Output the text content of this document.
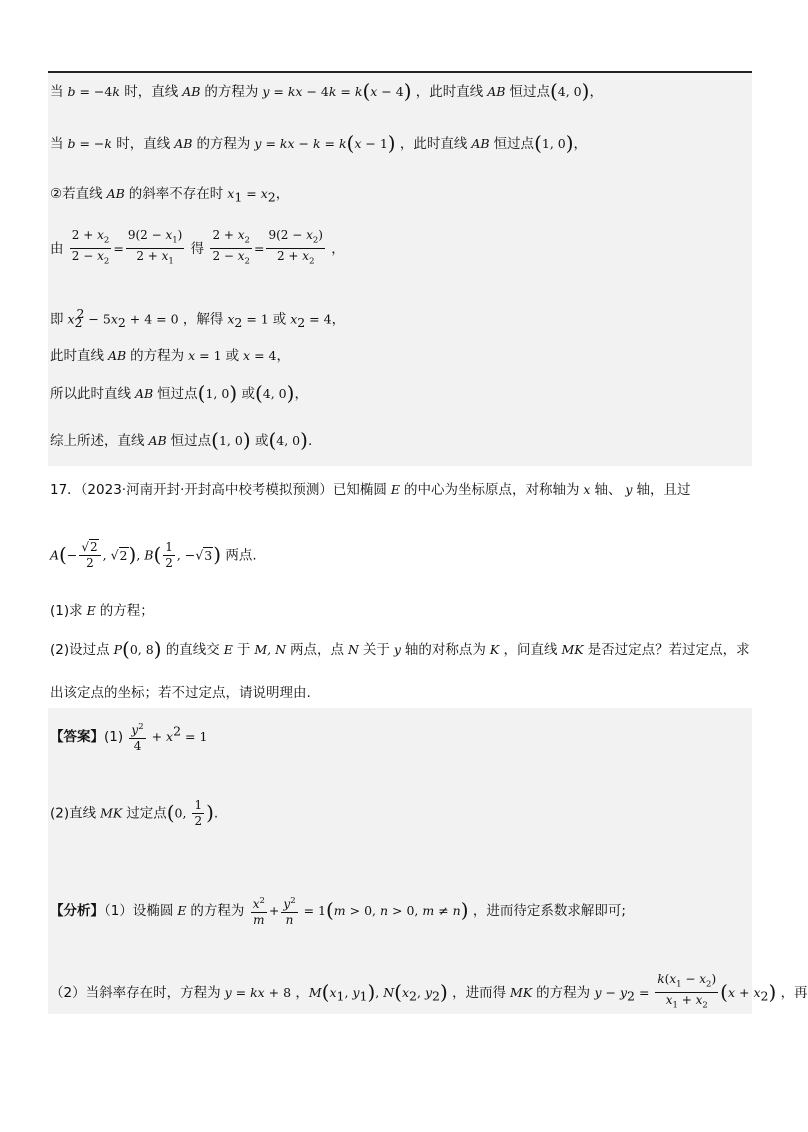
当 b = −4k 时，直线 AB 的方程为 y = kx − 4k = k(x − 4) ，此时直线 AB 恒过点(4, 0)，
当 b = −k 时，直线 AB 的方程为 y = kx − k = k(x − 1) ，此时直线 AB 恒过点(1, 0)，
②若直线 AB 的斜率不存在时 $x_1 = x_2$，
由 $\frac{2 + x_2}{2 - x_2} = \frac{9(2 - x_1)}{2 + x_1}$ 得 $\frac{2 + x_2}{2 - x_2} = \frac{9(2 - x_2)}{2 + x_2}$ ，
即 $x_2^2 - 5x_2 + 4 = 0$ ，解得 $x_2 = 1$ 或 $x_2 = 4$，
此时直线 AB 的方程为 x = 1 或 x = 4，
所以此时直线 AB 恒过点(1, 0) 或(4, 0)，
综上所述，直线 AB 恒过点(1, 0) 或(4, 0).
17．（2023·河南开封·开封高中校考模拟预测）已知椭圆 E 的中心为坐标原点，对称轴为 x 轴、 y 轴，且过
$A(- \frac{√2}{2}$ , √2), $B( \frac{1}{2}$ , −√3) 两点.
(1)求 E 的方程；
(2)设过点 P(0, 8) 的直线交 E 于 M, N 两点，点 N 关于 y 轴的对称点为 K ，问直线 MK 是否过定点？若过定点，求
出该定点的坐标；若不过定点，请说明理由.
【答案】$(1) \frac{y^2}{4} + x^2 = 1$
(2)直线 MK 过定点(0, $\frac{1}{2}$ ).
【分析】（1）设椭圆 E 的方程为 $\frac{x^2}{m} + \frac{y^2}{n} = 1(m > 0$, n > 0, m ≠ n) ，进而待定系数求解即可;
（2）当斜率存在时，方程为 y = kx + 8 ，$M(x_1$, $y_1$), $N(x_2$, $y_2$) ，进而得 MK 的方程为 $y - y_2 = \frac{k(x_1 - x_2)}{x_1 + x_2} (x + x_2)$ ，再
